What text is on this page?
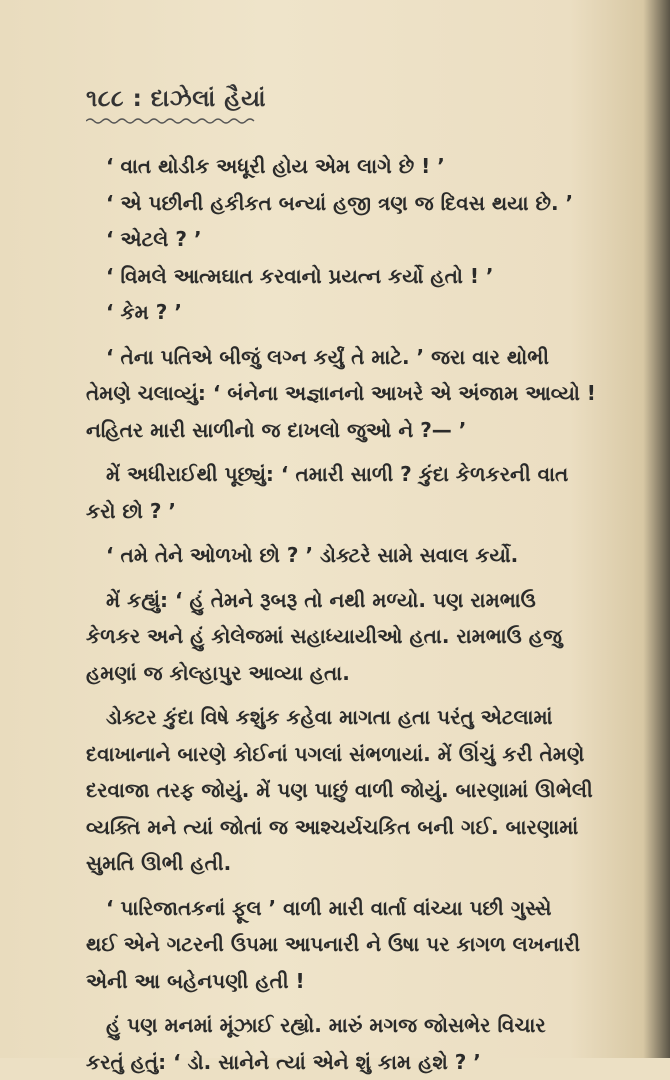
૧૮૮ : દાઝેલાં હૈયાં
‘ વાત થોડીક અધૂરી હોય એમ લાગે છે ! ’
‘ એ પછીની હકીકત બન્યાં હજી ત્રણ જ દિવસ થયા છે. ’
‘ એટલે ? ’
‘ વિમલે આત્મઘાત કરવાનો પ્રયત્ન કર્યો હતો ! ’
‘ કેમ ? ’
‘ તેના પતિએ બીજું લગ્ન કર્યું તે માટે. ’ જરા વાર થોભી
તેમણે ચલાવ્યું: ‘ બંનેના અજ્ઞાનનો આખરે એ અંજામ આવ્યો !
નહિતર મારી સાળીનો જ દાખલો જુઓ ને ?— ’
મેં અધીરાઈથી પૂછ્યું: ‘ તમારી સાળી ? કુંદા કેળકરની વાત
કરો છો ? ’
‘ તમે તેને ઓળખો છો ? ’ ડોક્ટરે સામે સવાલ કર્યો.
મેં કહ્યું: ‘ હું તેમને રૂબરૂ તો નથી મળ્યો. પણ રામભાઉ
કેળકર અને હું કોલેજમાં સહાધ્યાયીઓ હતા. રામભાઉ હજુ
હમણાં જ કોલ્હાપુર આવ્યા હતા.
ડોક્ટર કુંદા વિષે કશુંક કહેવા માગતા હતા પરંતુ એટલામાં
દવાખાનાને બારણે કોઈનાં પગલાં સંભળાયાં. મેં ઊંચું કરી તેમણે
દરવાજા તરફ જોયું. મેં પણ પાછું વાળી જોયું. બારણામાં ઊભેલી
વ્યક્તિ મને ત્યાં જોતાં જ આશ્ચર્યચકિત બની ગઈ. બારણામાં
સુમતિ ઊભી હતી.
‘ પારિજાતકનાં ફૂલ ’ વાળી મારી વાર્તા વાંચ્યા પછી ગુસ્સે
થઈ એને ગટરની ઉપમા આપનારી ને ઉષા પર કાગળ લખનારી
એની આ બહેનપણી હતી !
હું પણ મનમાં મૂંઝાઈ રહ્યો. મારું મગજ જોસભેર વિચાર
કરતું હતું: ‘ ડો. સાનેને ત્યાં એને શું કામ હશે ? ’
